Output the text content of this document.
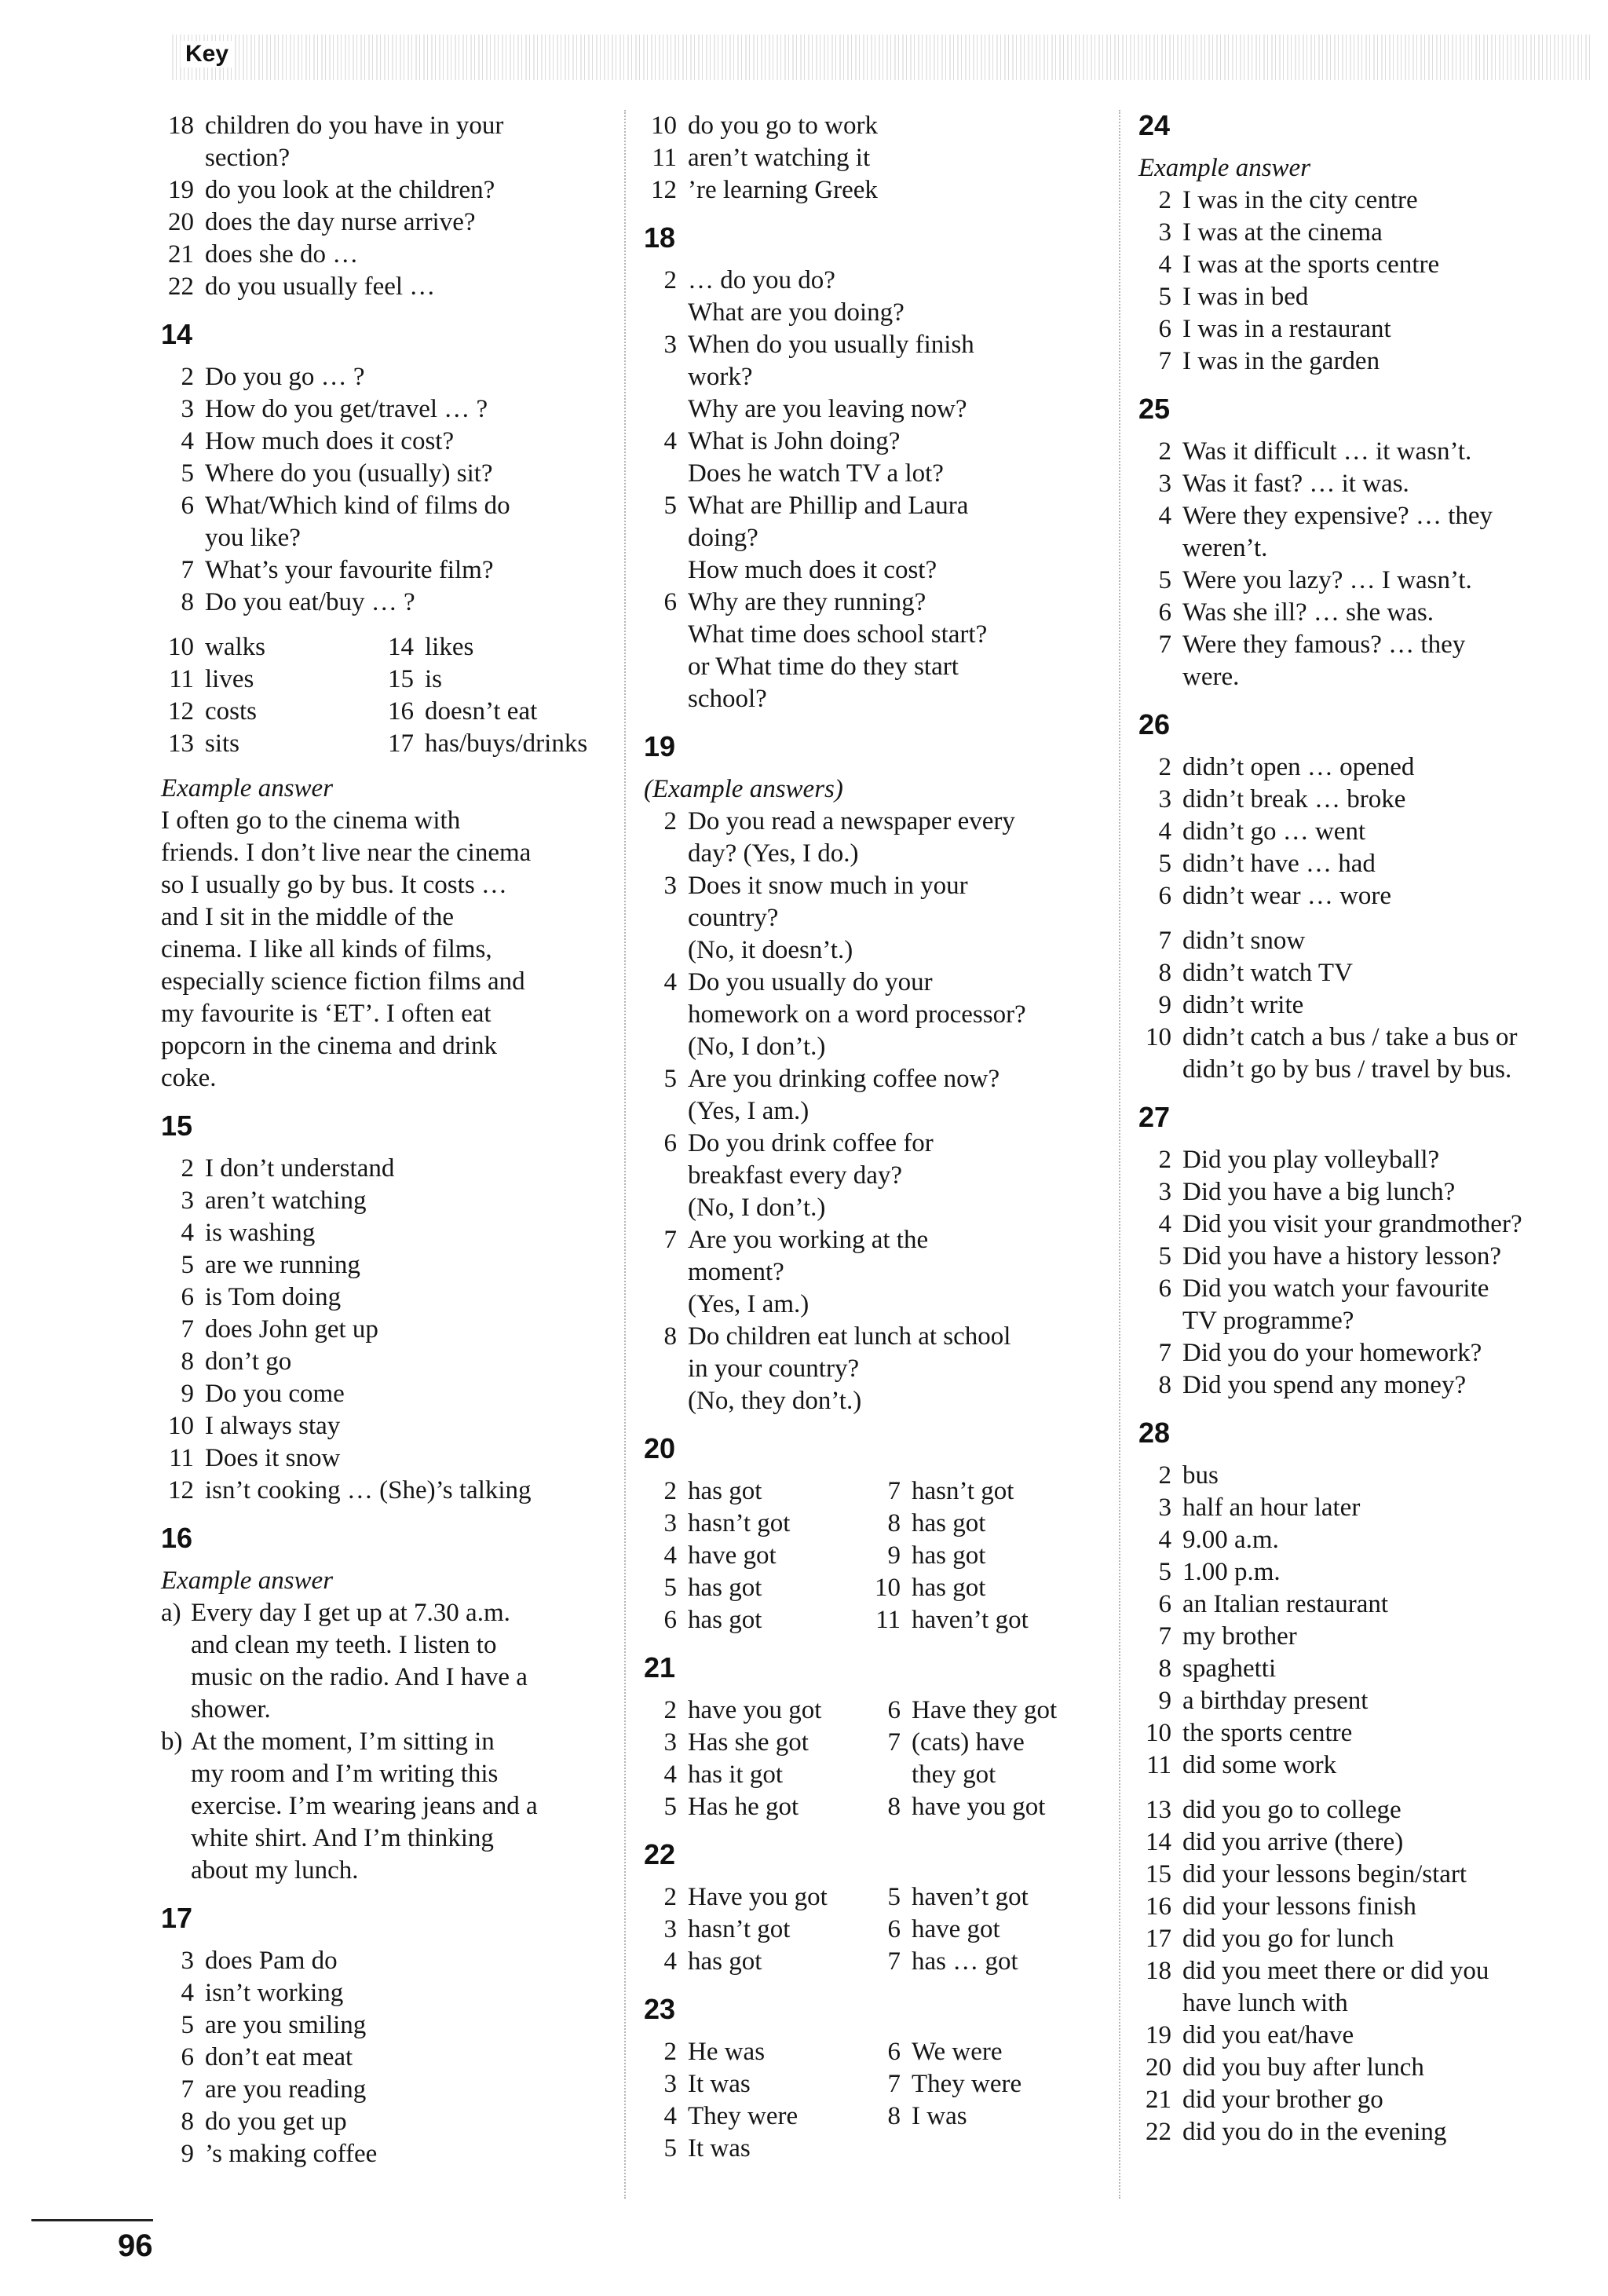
Key
18 children do you have in your
section?
19 do you look at the children?
20 does the day nurse arrive?
21 does she do …
22 do you usually feel …
14
2 Do you go … ?
3 How do you get/travel … ?
4 How much does it cost?
5 Where do you (usually) sit?
6 What/Which kind of films do
you like?
7 What’s your favourite film?
8 Do you eat/buy … ?
10 walks	14 likes
11 lives	15 is
12 costs	16 doesn’t eat
13 sits	17 has/buys/drinks
Example answer
I often go to the cinema with
friends. I don’t live near the cinema
so I usually go by bus. It costs …
and I sit in the middle of the
cinema. I like all kinds of films,
especially science fiction films and
my favourite is ‘ET’. I often eat
popcorn in the cinema and drink
coke.
15
2 I don’t understand
3 aren’t watching
4 is washing
5 are we running
6 is Tom doing
7 does John get up
8 don’t go
9 Do you come
10 I always stay
11 Does it snow
12 isn’t cooking … (She)’s talking
16
Example answer
a) Every day I get up at 7.30 a.m.
and clean my teeth. I listen to
music on the radio. And I have a
shower.
b) At the moment, I’m sitting in
my room and I’m writing this
exercise. I’m wearing jeans and a
white shirt. And I’m thinking
about my lunch.
17
3 does Pam do
4 isn’t working
5 are you smiling
6 don’t eat meat
7 are you reading
8 do you get up
9 ’s making coffee
10 do you go to work
11 aren’t watching it
12 ’re learning Greek
18
2 … do you do?
What are you doing?
3 When do you usually finish
work?
Why are you leaving now?
4 What is John doing?
Does he watch TV a lot?
5 What are Phillip and Laura
doing?
How much does it cost?
6 Why are they running?
What time does school start?
or What time do they start
school?
19
(Example answers)
2 Do you read a newspaper every
day? (Yes, I do.)
3 Does it snow much in your
country?
(No, it doesn’t.)
4 Do you usually do your
homework on a word processor?
(No, I don’t.)
5 Are you drinking coffee now?
(Yes, I am.)
6 Do you drink coffee for
breakfast every day?
(No, I don’t.)
7 Are you working at the
moment?
(Yes, I am.)
8 Do children eat lunch at school
in your country?
(No, they don’t.)
20
2 has got	7 hasn’t got
3 hasn’t got	8 has got
4 have got	9 has got
5 has got	10 has got
6 has got	11 haven’t got
21
2 have you got	6 Have they got
3 Has she got	7 (cats) have
4 has it got	they got
5 Has he got	8 have you got
22
2 Have you got	5 haven’t got
3 hasn’t got	6 have got
4 has got	7 has … got
23
2 He was	6 We were
3 It was	7 They were
4 They were	8 I was
5 It was
24
Example answer
2 I was in the city centre
3 I was at the cinema
4 I was at the sports centre
5 I was in bed
6 I was in a restaurant
7 I was in the garden
25
2 Was it difficult … it wasn’t.
3 Was it fast? … it was.
4 Were they expensive? … they
weren’t.
5 Were you lazy? … I wasn’t.
6 Was she ill? … she was.
7 Were they famous? … they
were.
26
2 didn’t open … opened
3 didn’t break … broke
4 didn’t go … went
5 didn’t have … had
6 didn’t wear … wore
7 didn’t snow
8 didn’t watch TV
9 didn’t write
10 didn’t catch a bus / take a bus or
didn’t go by bus / travel by bus.
27
2 Did you play volleyball?
3 Did you have a big lunch?
4 Did you visit your grandmother?
5 Did you have a history lesson?
6 Did you watch your favourite
TV programme?
7 Did you do your homework?
8 Did you spend any money?
28
2 bus
3 half an hour later
4 9.00 a.m.
5 1.00 p.m.
6 an Italian restaurant
7 my brother
8 spaghetti
9 a birthday present
10 the sports centre
11 did some work
13 did you go to college
14 did you arrive (there)
15 did your lessons begin/start
16 did your lessons finish
17 did you go for lunch
18 did you meet there or did you
have lunch with
19 did you eat/have
20 did you buy after lunch
21 did your brother go
22 did you do in the evening
96
